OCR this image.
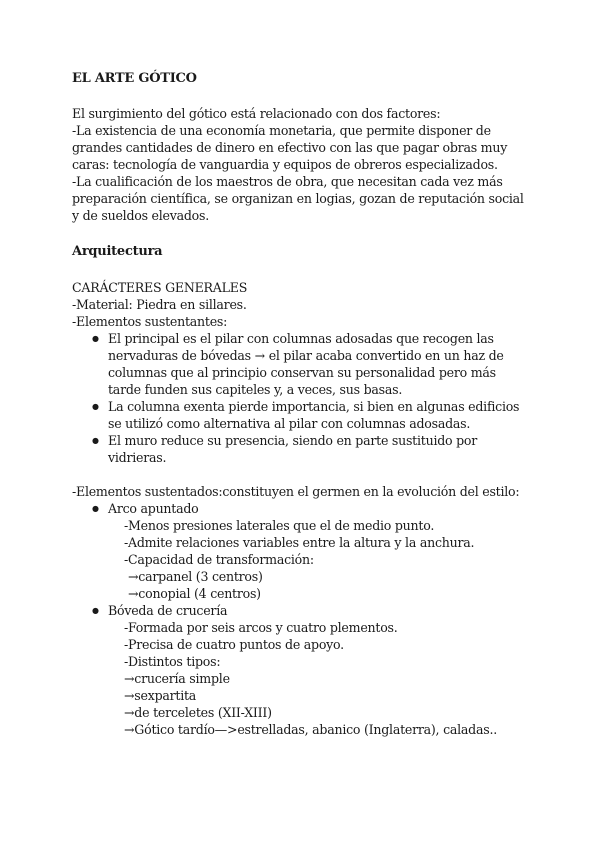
EL ARTE GÓTICO

El surgimiento del gótico está relacionado con dos factores:

-La existencia de una economía monetaria, que permite disponer de grandes cantidades de dinero en efectivo con las que pagar obras muy caras: tecnología de vanguardia y equipos de obreros especializados.

-La cualificación de los maestros de obra, que necesitan cada vez más preparación científica, se organizan en logias, gozan de reputación social y de sueldos elevados.

Arquitectura

CARÁCTERES GENERALES

-Material: Piedra en sillares.

-Elementos sustentantes:

● El principal es el pilar con columnas adosadas que recogen las nervaduras de bóvedas → el pilar acaba convertido en un haz de columnas que al principio conservan su personalidad pero más tarde funden sus capiteles y, a veces, sus basas.
● La columna exenta pierde importancia, si bien en algunas edificios se utilizó como alternativa al pilar con columnas adosadas.
● El muro reduce su presencia, siendo en parte sustituido por vidrieras.

-Elementos sustentados:constituyen el germen en la evolución del estilo:

● Arco apuntado
-Menos presiones laterales que el de medio punto.
-Admite relaciones variables entre la altura y la anchura.
-Capacidad de transformación:
→carpanel (3 centros)
→conopial (4 centros)
● Bóveda de crucería
-Formada por seis arcos y cuatro plementos.
-Precisa de cuatro puntos de apoyo.
-Distintos tipos:
→crucería simple
→sexpartita
→de terceletes (XII-XIII)
→Gótico tardío—>estrelladas, abanico (Inglaterra), caladas..
